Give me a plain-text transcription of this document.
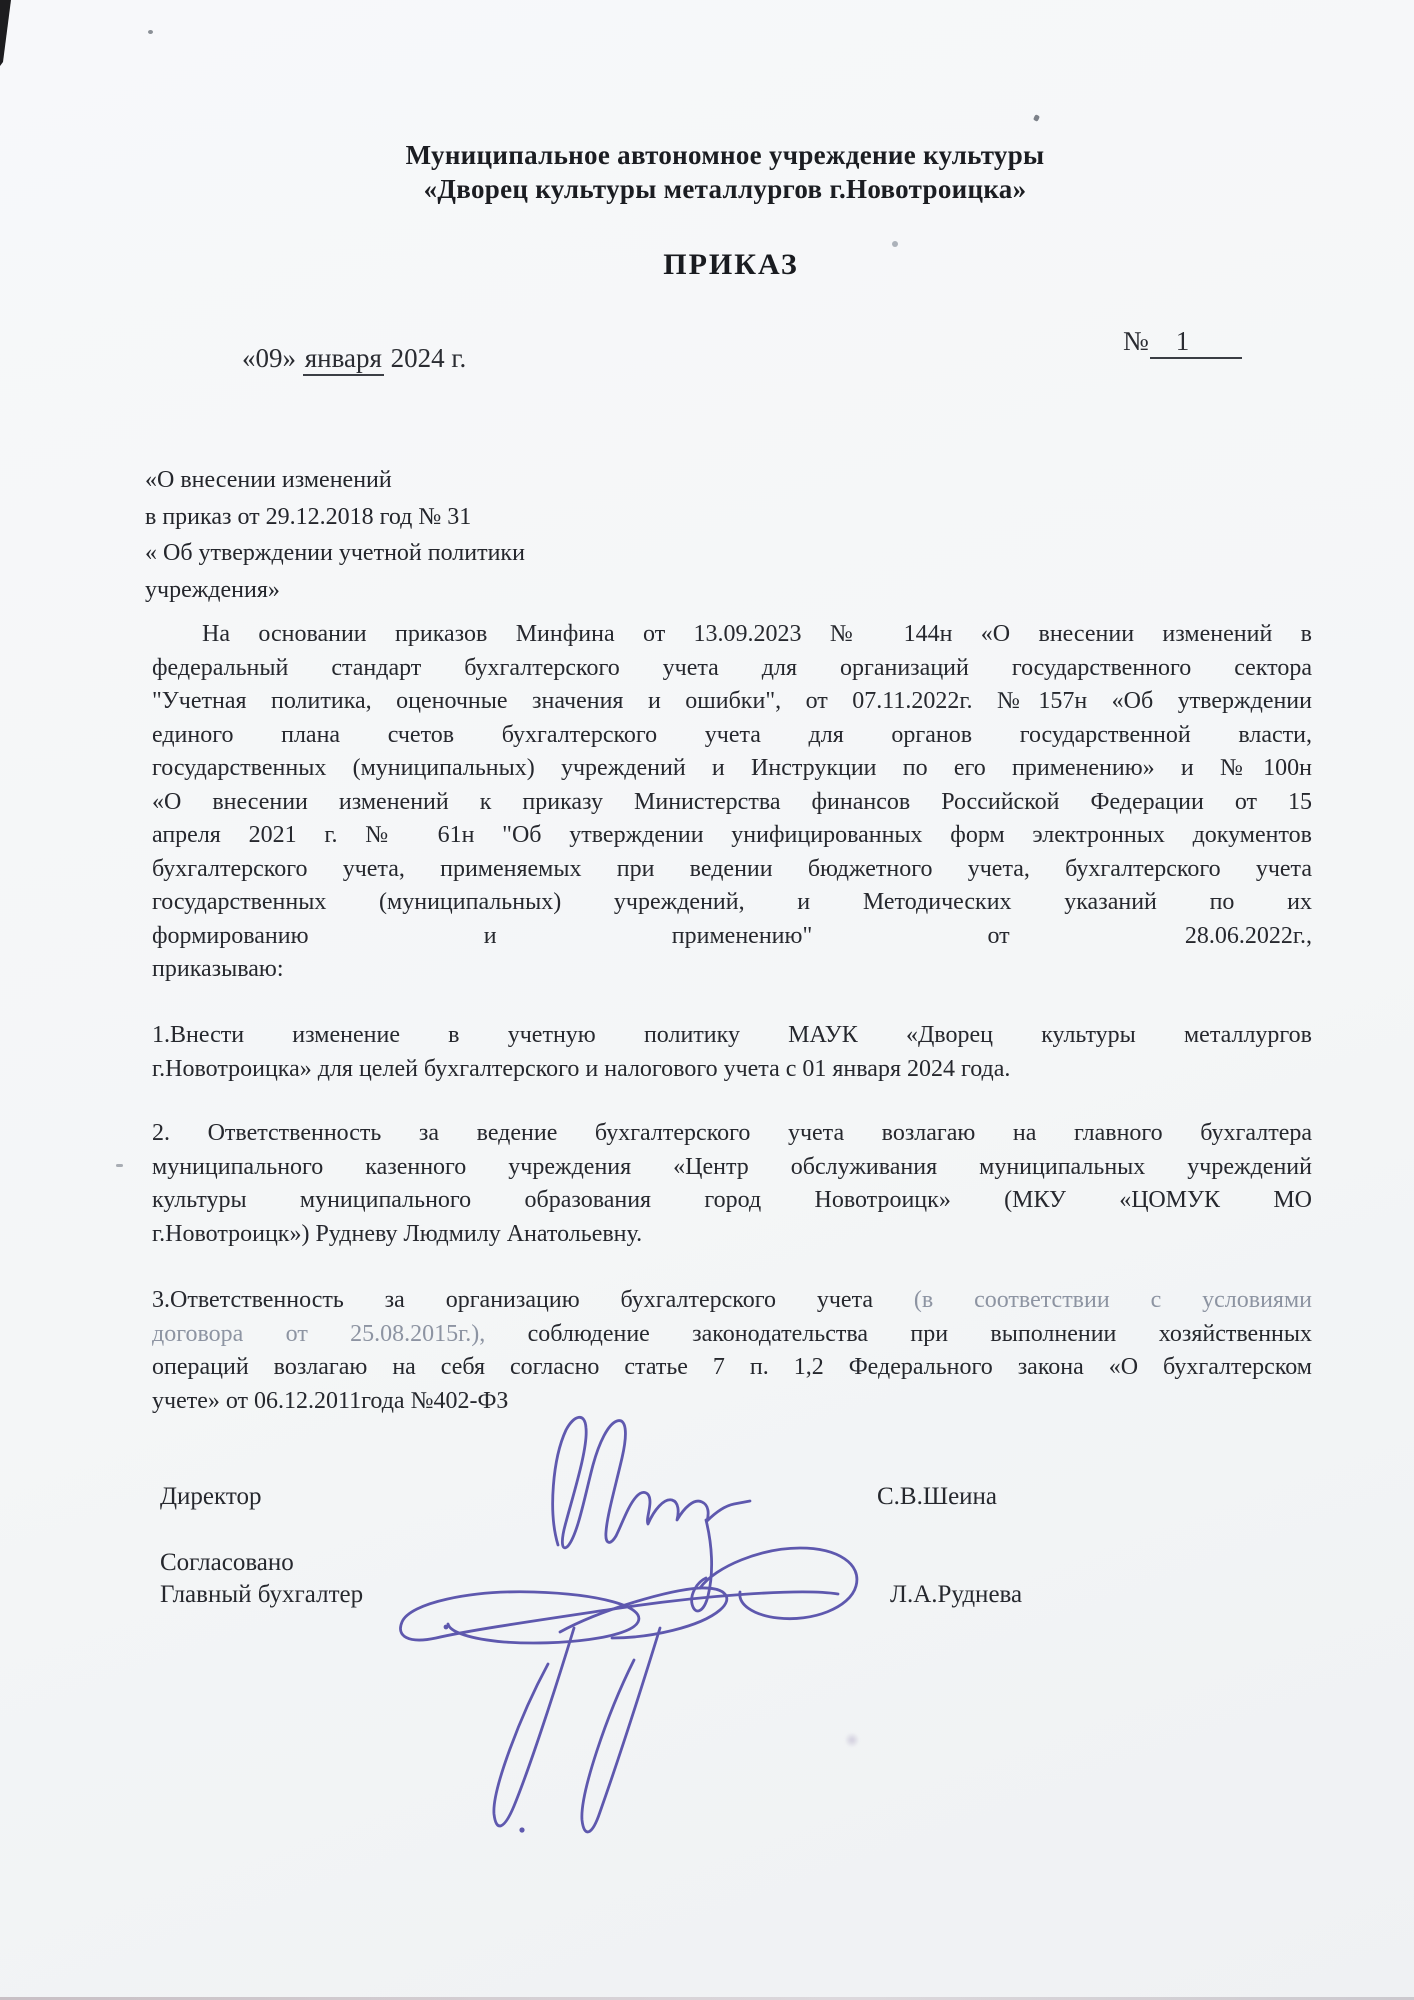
Муниципальное автономное учреждение культуры
«Дворец культуры металлургов г.Новотроицка»
ПРИКАЗ
«09» января 2024 г.
№ 1
«О внесении изменений
в приказ от 29.12.2018 год № 31
« Об утверждении учетной политики
учреждения»
На основании приказов Минфина от 13.09.2023 № 144н «О внесении изменений в
федеральный стандарт бухгалтерского учета для организаций государственного сектора
"Учетная политика, оценочные значения и ошибки", от 07.11.2022г. №157н «Об утверждении
единого плана счетов бухгалтерского учета для органов государственной власти,
государственных (муниципальных) учреждений и Инструкции по его применению» и №100н
«О внесении изменений к приказу Министерства финансов Российской Федерации от 15
апреля 2021 г. № 61н "Об утверждении унифицированных форм электронных документов
бухгалтерского учета, применяемых при ведении бюджетного учета, бухгалтерского учета
государственных (муниципальных) учреждений, и Методических указаний по их
формированию и применению" от 28.06.2022г.,
приказываю:
1.Внести изменение в учетную политику МАУК «Дворец культуры металлургов
г.Новотроицка» для целей бухгалтерского и налогового учета с 01 января 2024 года.
2. Ответственность за ведение бухгалтерского учета возлагаю на главного бухгалтера
муниципального казенного учреждения «Центр обслуживания муниципальных учреждений
культуры муниципального образования город Новотроицк» (МКУ «ЦОМУК МО
г.Новотроицк») Рудневу Людмилу Анатольевну.
3.Ответственность за организацию бухгалтерского учета (в соответствии с условиями
договора от 25.08.2015г.), соблюдение законодательства при выполнении хозяйственных
операций возлагаю на себя согласно статье 7 п. 1,2 Федерального закона «О бухгалтерском
учете» от 06.12.2011года №402-ФЗ
Директор	С.В.Шеина
Согласовано
Главный бухгалтер	Л.А.Руднева
